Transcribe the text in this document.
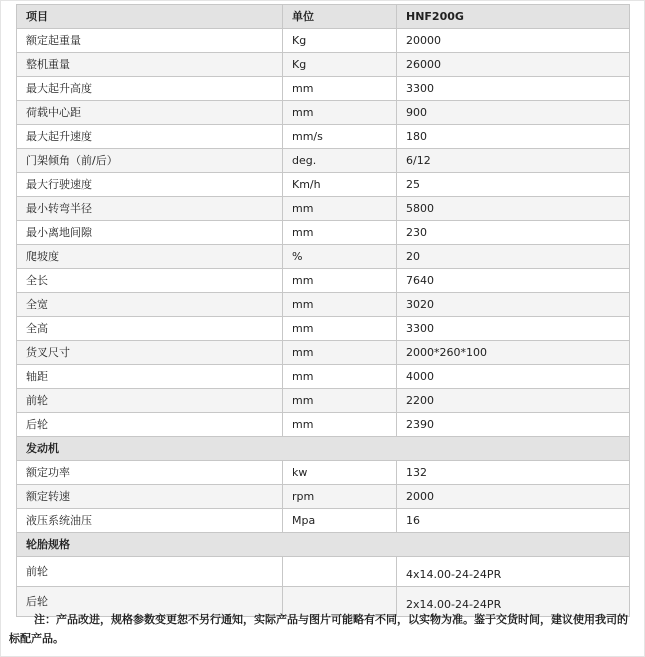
项目	单位	HNF200G
额定起重量	Kg	20000
整机重量	Kg	26000
最大起升高度	mm	3300
荷载中心距	mm	900
最大起升速度	mm/s	180
门架倾角（前/后）	deg.	6/12
最大行驶速度	Km/h	25
最小转弯半径	mm	5800
最小离地间隙	mm	230
爬坡度	%	20
全长	mm	7640
全宽	mm	3020
全高	mm	3300
货叉尺寸	mm	2000*260*100
轴距	mm	4000
前轮	mm	2200
后轮	mm	2390
发动机		
额定功率	kw	132
额定转速	rpm	2000
液压系统油压	Mpa	16
轮胎规格		
前轮		4x14.00-24-24PR
后轮		2x14.00-24-24PR
注：产品改进，规格参数变更恕不另行通知，实际产品与图片可能略有不同，以实物为准。鉴于交货时间，建议使用我司的标配产品。
